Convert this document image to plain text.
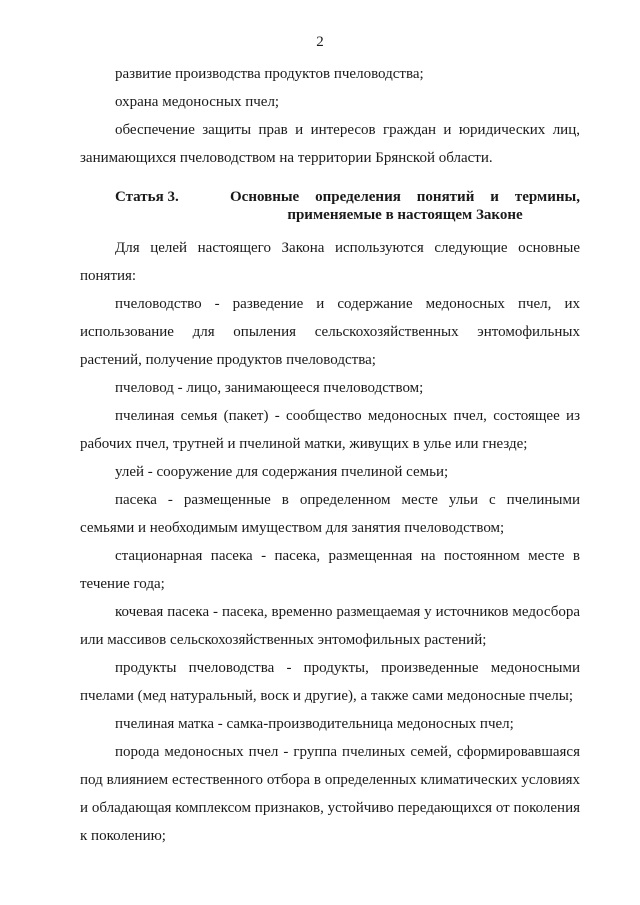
2

развитие производства продуктов пчеловодства;

охрана медоносных пчел;

обеспечение защиты прав и интересов граждан и юридических лиц, занимающихся пчеловодством на территории Брянской области.

Статья 3.	Основные определения понятий и термины,
применяемые в настоящем Законе

Для целей настоящего Закона используются следующие основные понятия:

пчеловодство - разведение и содержание медоносных пчел, их использование для опыления сельскохозяйственных энтомофильных растений, получение продуктов пчеловодства;

пчеловод - лицо, занимающееся пчеловодством;

пчелиная семья (пакет) - сообщество медоносных пчел, состоящее из рабочих пчел, трутней и пчелиной матки, живущих в улье или гнезде;

улей - сооружение для содержания пчелиной семьи;

пасека - размещенные в определенном месте ульи с пчелиными семьями и необходимым имуществом для занятия пчеловодством;

стационарная пасека - пасека, размещенная на постоянном месте в течение года;

кочевая пасека - пасека, временно размещаемая у источников медосбора или массивов сельскохозяйственных энтомофильных растений;

продукты пчеловодства - продукты, произведенные медоносными пчелами (мед натуральный, воск и другие), а также сами медоносные пчелы;

пчелиная матка - самка-производительница медоносных пчел;

порода медоносных пчел - группа пчелиных семей, сформировавшаяся под влиянием естественного отбора в определенных климатических условиях и обладающая комплексом признаков, устойчиво передающихся от поколения к поколению;
